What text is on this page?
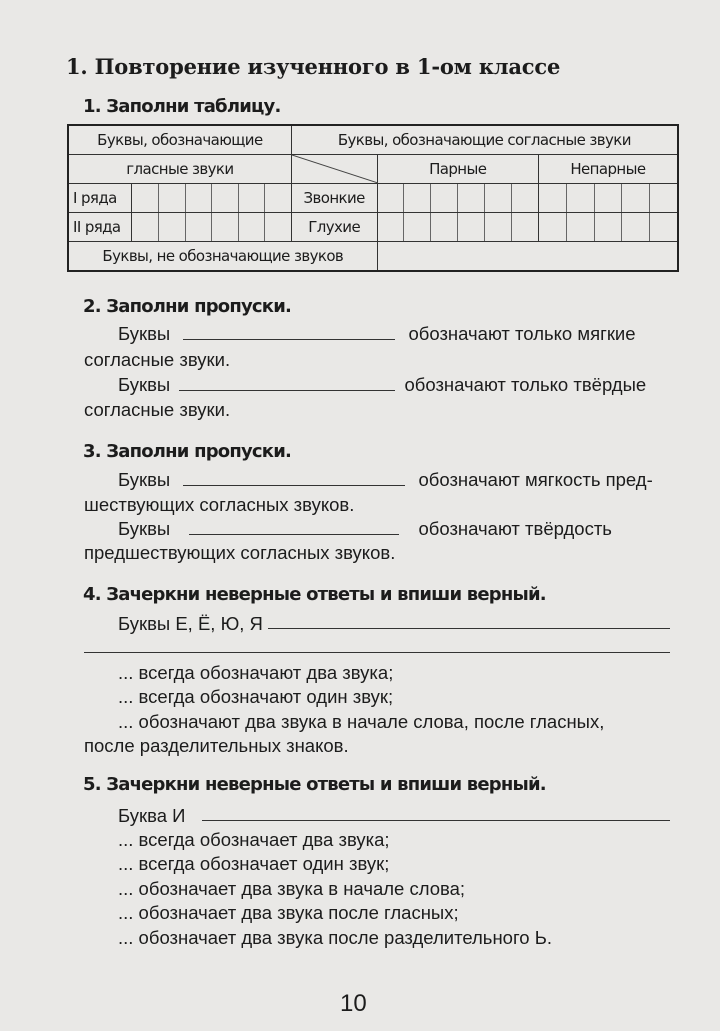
1. Повторение изученного в 1-ом классе
1. Заполни таблицу.
Буквы, обозначающие		Буквы, обозначающие согласные звуки		
гласные звуки			Парные	Непарные
I ряда		Звонкие	

II ряда		Глухие	

Буквы, не обозначающие звуков				
2. Заполни пропуски.
Буквы	обозначают только мягкие
согласные звуки.
Буквы	обозначают только твёрдые
согласные звуки.
3. Заполни пропуски.
Буквы	обозначают мягкость пред-
шествующих согласных звуков.
Буквы	обозначают твёрдость
предшествующих согласных звуков.
4. Зачеркни неверные ответы и впиши верный.
Буквы Е, Ё, Ю, Я
... всегда обозначают два звука;
... всегда обозначают один звук;
... обозначают два звука в начале слова, после гласных,
после разделительных знаков.
5. Зачеркни неверные ответы и впиши верный.
Буква И
... всегда обозначает два звука;
... всегда обозначает один звук;
... обозначает два звука в начале слова;
... обозначает два звука после гласных;
... обозначает два звука после разделительного Ь.
10
